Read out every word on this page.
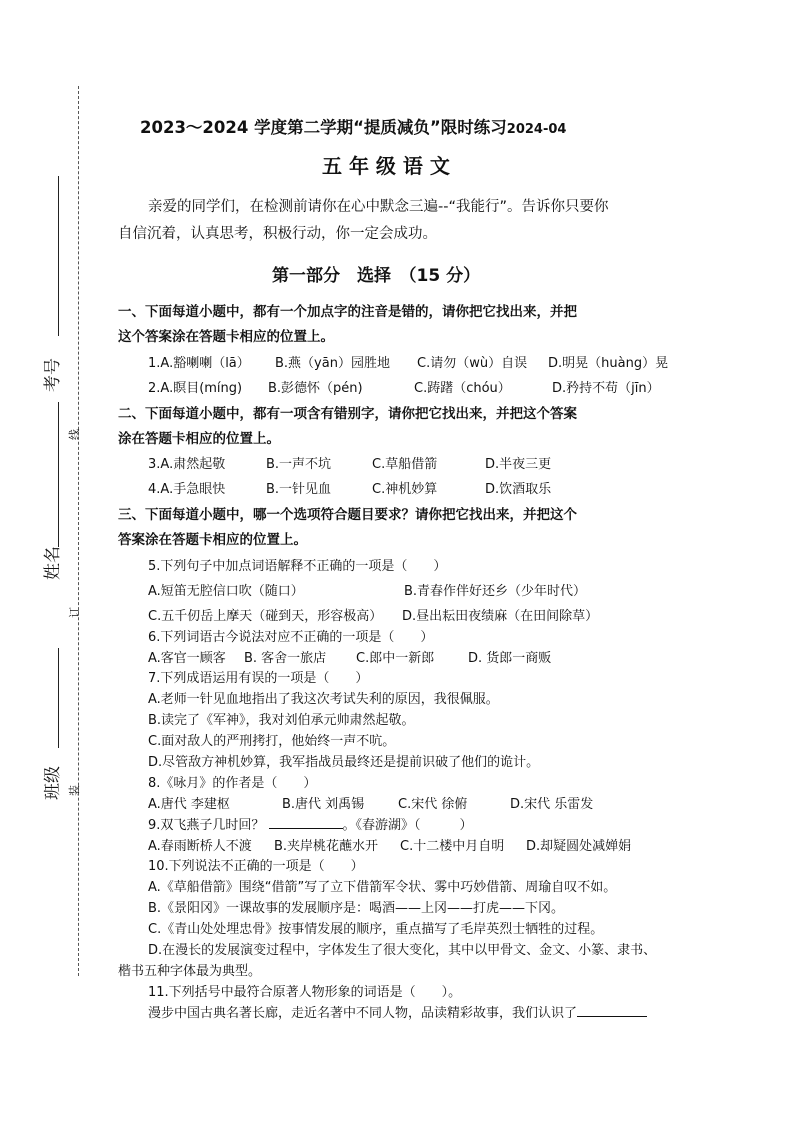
考号
姓名
班级
线
订
装
2023～2024 学度第二学期“提质减负”限时练习2024-04
五 年 级 语 文
亲爱的同学们，在检测前请你在心中默念三遍--“我能行”。告诉你只要你
自信沉着，认真思考，积极行动，你一定会成功。
第一部分　选择　（15 分）
一、下面每道小题中，都有一个加点字的注音是错的，请你把它找出来，并把
这个答案涂在答题卡相应的位置上。
1.A.豁喇喇（lā） B.燕（yān）园胜地 C.请勿（wù）自误 D.明晃（huàng）晃
2.A.瞑目(míng) B.彭德怀（pén)	C.踌躇（chóu）	D.矜持不苟（jīn）
二、下面每道小题中，都有一项含有错别字，请你把它找出来，并把这个答案
涂在答题卡相应的位置上。
3.A.肃然起敬	B.一声不坑	C.草船借箭	D.半夜三更
4.A.手急眼快	B.一针见血	C.神机妙算	D.饮酒取乐
三、下面每道小题中，哪一个选项符合题目要求？请你把它找出来，并把这个
答案涂在答题卡相应的位置上。
5.下列句子中加点词语解释不正确的一项是（　　）
A.短笛无腔信口吹（随口）	B.青春作伴好还乡（少年时代）
C.五千仞岳上摩天（碰到天，形容极高） D.昼出耘田夜绩麻（在田间除草）
6.下列词语古今说法对应不正确的一项是（　　）
A.客官一顾客 B. 客舍一旅店 C.郎中一新郎	D. 货郎一商贩
7.下列成语运用有误的一项是（　　）
A.老师一针见血地指出了我这次考试失利的原因，我很佩服。
B.读完了《军神》，我对刘伯承元帅肃然起敬。
C.面对敌人的严刑拷打，他始终一声不吭。
D.尽管敌方神机妙算，我军指战员最终还是提前识破了他们的诡计。
8.《咏月》的作者是（　　）
A.唐代 李建枢	B.唐代 刘禹锡	C.宋代 徐俯	D.宋代 乐雷发
9.双飞燕子几时回？	。《春游湖》（　　　）
A.春雨断桥人不渡 B.夹岸桃花蘸水开 C.十二楼中月自明 D.却疑圆处减婵娟
10.下列说法不正确的一项是（　　）
A.《草船借箭》围绕“借箭”写了立下借箭军令状、雾中巧妙借箭、周瑜自叹不如。
B.《景阳冈》一课故事的发展顺序是：喝酒——上冈——打虎——下冈。
C.《青山处处埋忠骨》按事情发展的顺序，重点描写了毛岸英烈士牺牲的过程。
D.在漫长的发展演变过程中，字体发生了很大变化，其中以甲骨文、金文、小篆、隶书、
楷书五种字体最为典型。
11.下列括号中最符合原著人物形象的词语是（　　）。
漫步中国古典名著长廊，走近名著中不同人物，品读精彩故事，我们认识了
